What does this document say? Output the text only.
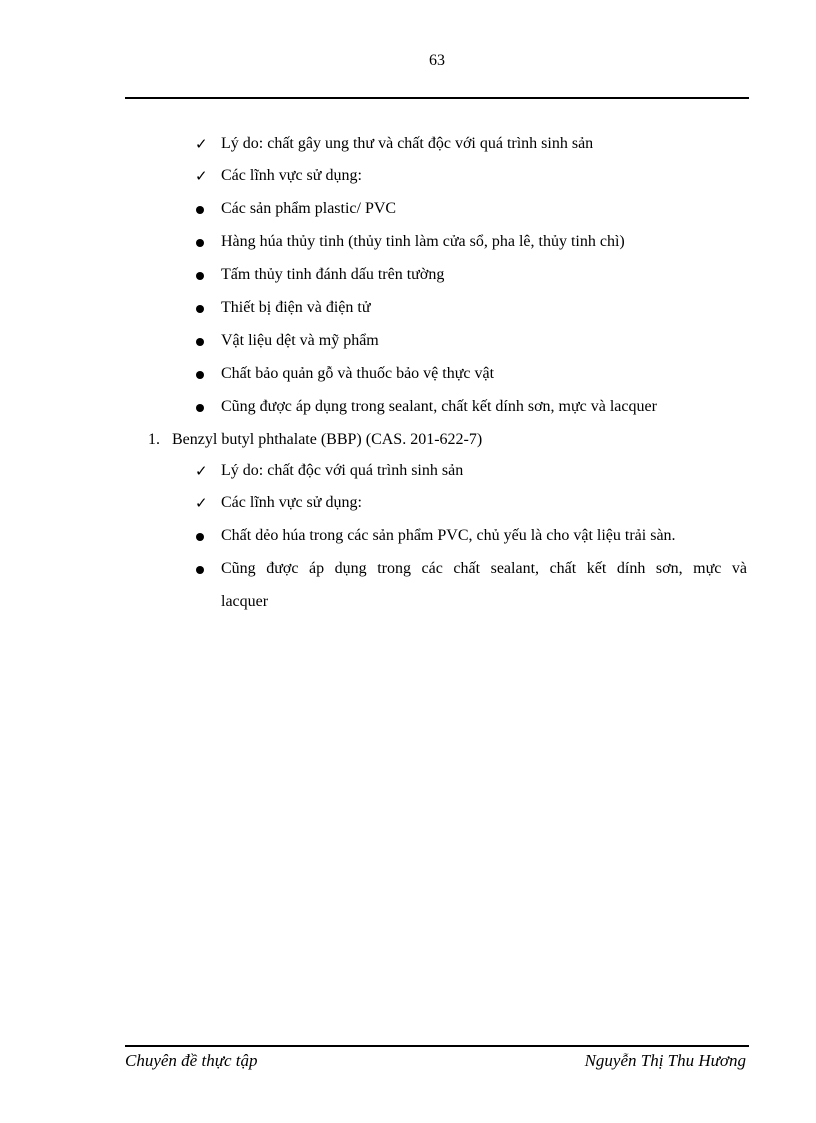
63
✓ Lý do: chất gây ung thư và chất độc với quá trình sinh sản
✓ Các lĩnh vực sử dụng:
Các sản phẩm plastic/ PVC
Hàng húa thủy tinh (thủy tinh làm cửa sổ, pha lê, thủy tinh chì)
Tấm thủy tinh đánh dấu trên tường
Thiết bị điện và điện tử
Vật liệu dệt và mỹ phẩm
Chất bảo quản gỗ và thuốc bảo vệ thực vật
Cũng được áp dụng trong sealant, chất kết dính sơn, mực và lacquer
1. Benzyl butyl phthalate (BBP) (CAS. 201-622-7)
✓ Lý do: chất độc với quá trình sinh sản
✓ Các lĩnh vực sử dụng:
Chất dẻo húa trong các sản phẩm PVC, chủ yếu là cho vật liệu trải sàn.
Cũng được áp dụng trong các chất sealant, chất kết dính sơn, mực và
lacquer
Chuyên đề thực tập	Nguyễn Thị Thu Hương
